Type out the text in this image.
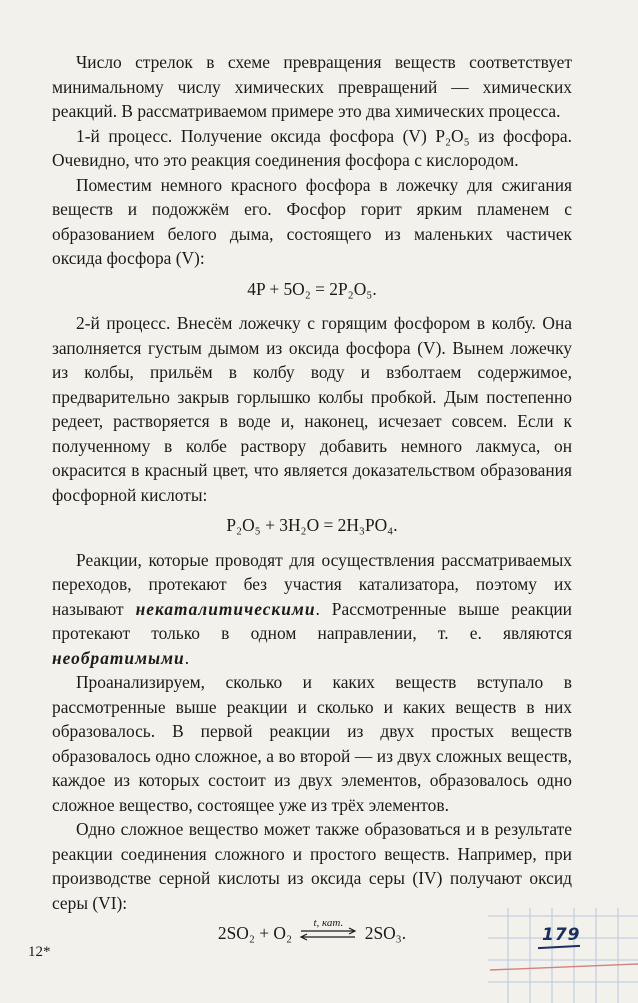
Число стрелок в схеме превращения веществ соответствует минимальному числу химических превращений — химических реакций. В рассматриваемом примере это два химических процесса.

1-й процесс. Получение оксида фосфора (V) P₂O₅ из фосфора. Очевидно, что это реакция соединения фосфора с кислородом.

Поместим немного красного фосфора в ложечку для сжигания веществ и подожжём его. Фосфор горит ярким пламенем с образованием белого дыма, состоящего из маленьких частичек оксида фосфора (V):

4P + 5O₂ = 2P₂O₅.

2-й процесс. Внесём ложечку с горящим фосфором в колбу. Она заполняется густым дымом из оксида фосфора (V). Вынем ложечку из колбы, прильём в колбу воду и взболтаем содержимое, предварительно закрыв горлышко колбы пробкой. Дым постепенно редеет, растворяется в воде и, наконец, исчезает совсем. Если к полученному в колбе раствору добавить немного лакмуса, он окрасится в красный цвет, что является доказательством образования фосфорной кислоты:

P₂O₅ + 3H₂O = 2H₃PO₄.

Реакции, которые проводят для осуществления рассматриваемых переходов, протекают без участия катализатора, поэтому их называют некаталитическими. Рассмотренные выше реакции протекают только в одном направлении, т. е. являются необратимыми.

Проанализируем, сколько и каких веществ вступало в рассмотренные выше реакции и сколько и каких веществ в них образовалось. В первой реакции из двух простых веществ образовалось одно сложное, а во второй — из двух сложных веществ, каждое из которых состоит из двух элементов, образовалось одно сложное вещество, состоящее уже из трёх элементов.

Одно сложное вещество может также образоваться и в результате реакции соединения сложного и простого веществ. Например, при производстве серной кислоты из оксида серы (IV) получают оксид серы (VI):

2SO₂ + O₂	t, кат.	2SO₃.
12*
179
